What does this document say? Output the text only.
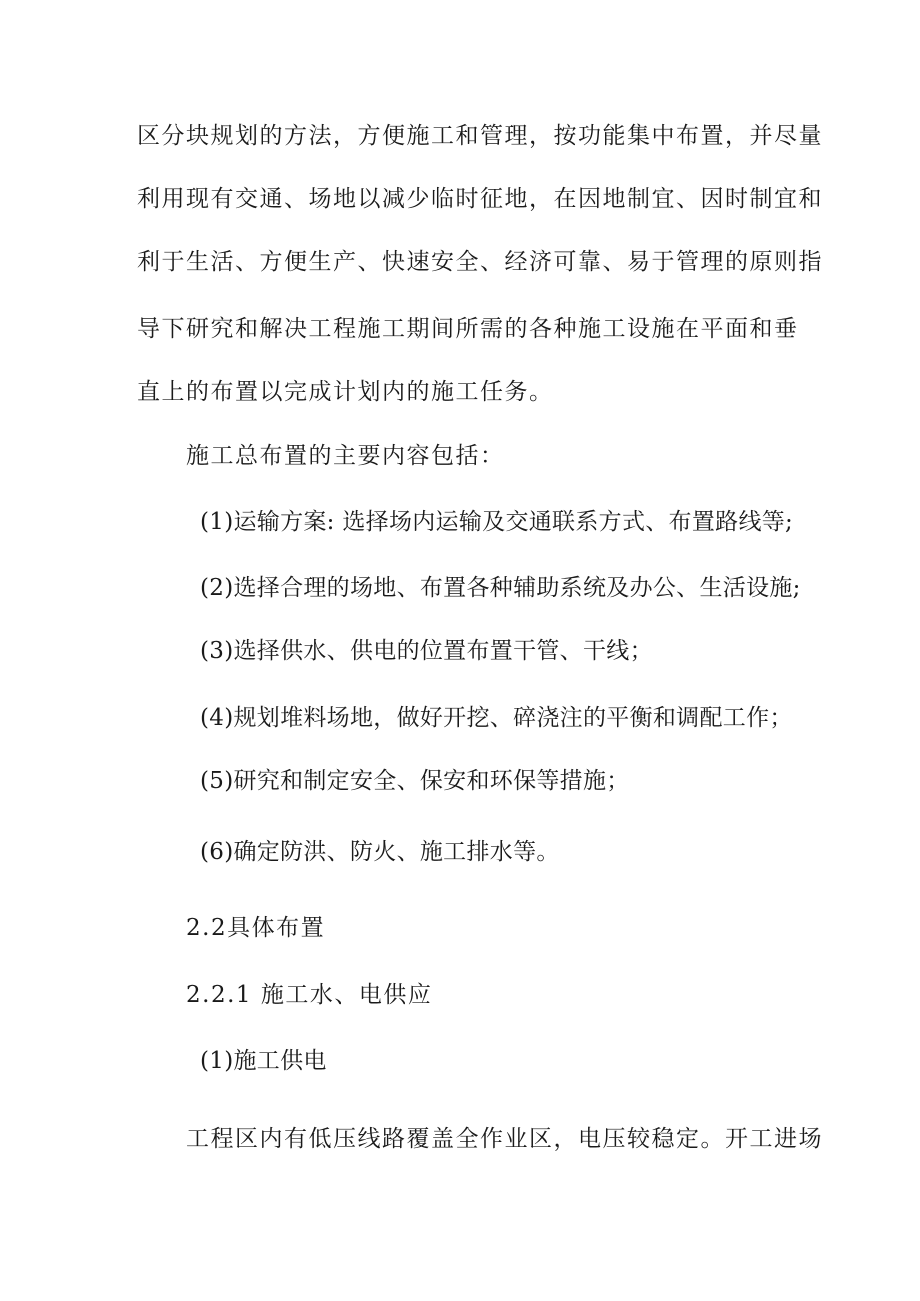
区分块规划的方法，方便施工和管理，按功能集中布置，并尽量
利用现有交通、场地以减少临时征地，在因地制宜、因时制宜和
利于生活、方便生产、快速安全、经济可靠、易于管理的原则指
导下研究和解决工程施工期间所需的各种施工设施在平面和垂
直上的布置以完成计划内的施工任务。
施工总布置的主要内容包括：
(1)运输方案: 选择场内运输及交通联系方式、布置路线等;
(2)选择合理的场地、布置各种辅助系统及办公、生活设施;
(3)选择供水、供电的位置布置干管、干线；
(4)规划堆料场地，做好开挖、碎浇注的平衡和调配工作；
(5)研究和制定安全、保安和环保等措施；
(6)确定防洪、防火、施工排水等。
2.2具体布置
2.2.1 施工水、电供应
(1)施工供电
工程区内有低压线路覆盖全作业区，电压较稳定。开工进场
